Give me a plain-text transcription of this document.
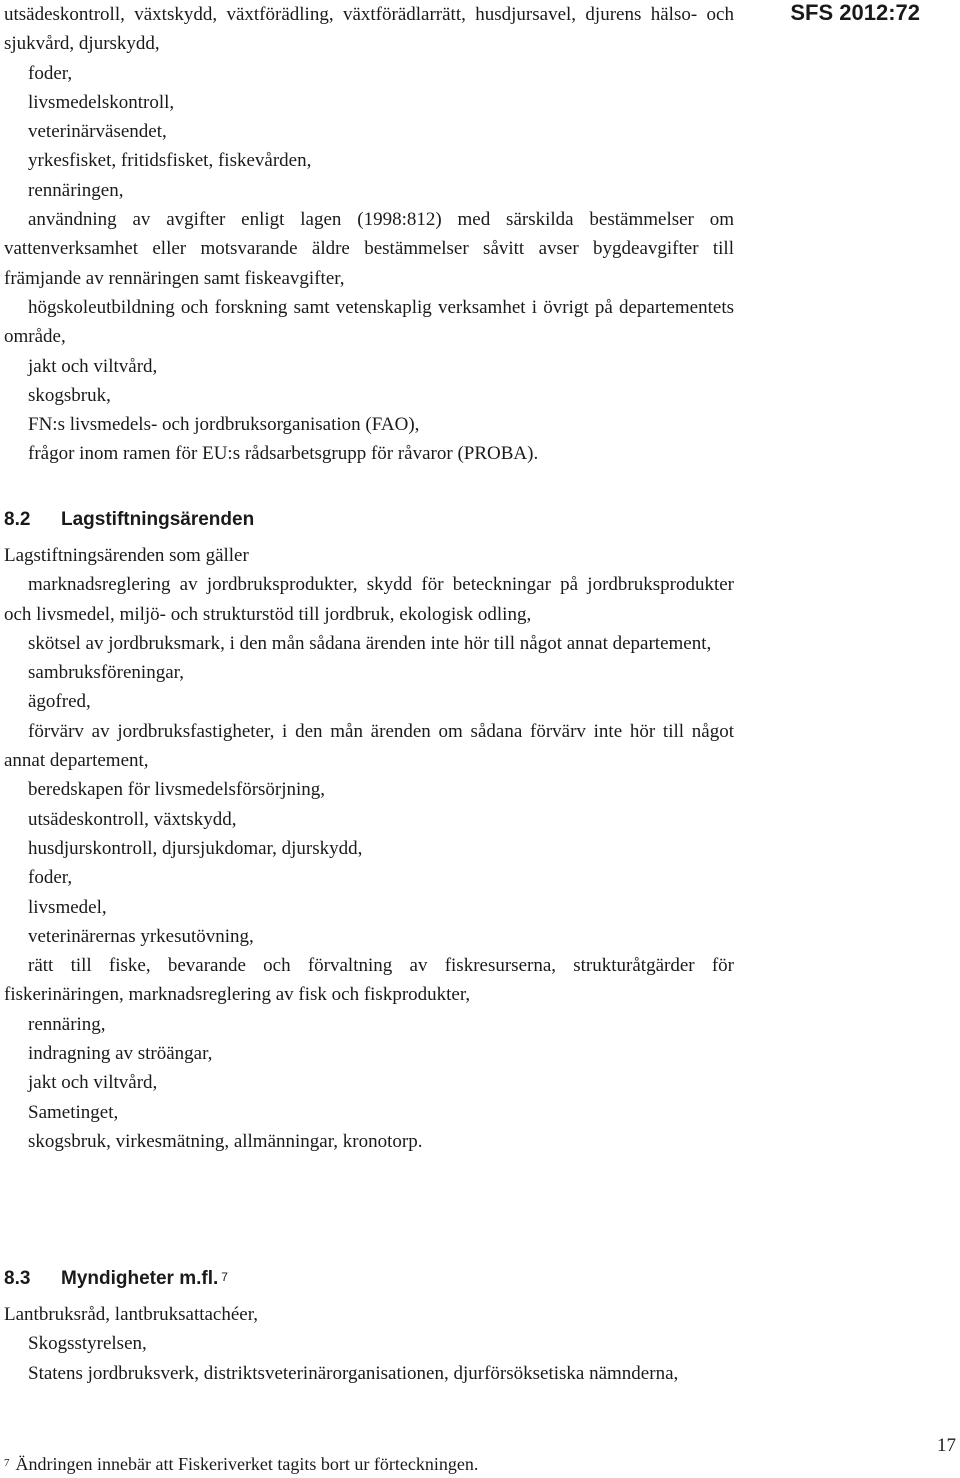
SFS 2012:72

utsädeskontroll, växtskydd, växtförädling, växtförädlarrätt, husdjursavel, djurens hälso- och sjukvård, djurskydd,

foder,

livsmedelskontroll,

veterinärväsendet,

yrkesfisket, fritidsfisket, fiskevården,

rennäringen,

användning av avgifter enligt lagen (1998:812) med särskilda bestämmelser om vattenverksamhet eller motsvarande äldre bestämmelser såvitt avser bygdeavgifter till främjande av rennäringen samt fiskeavgifter,

högskoleutbildning och forskning samt vetenskaplig verksamhet i övrigt på departementets område,

jakt och viltvård,

skogsbruk,

FN:s livsmedels- och jordbruksorganisation (FAO),

frågor inom ramen för EU:s rådsarbetsgrupp för råvaror (PROBA).

8.2	Lagstiftningsärenden

Lagstiftningsärenden som gäller

marknadsreglering av jordbruksprodukter, skydd för beteckningar på jordbruksprodukter och livsmedel, miljö- och strukturstöd till jordbruk, ekologisk odling,

skötsel av jordbruksmark, i den mån sådana ärenden inte hör till något annat departement,

sambruksföreningar,

ägofred,

förvärv av jordbruksfastigheter, i den mån ärenden om sådana förvärv inte hör till något annat departement,

beredskapen för livsmedelsförsörjning,

utsädeskontroll, växtskydd,

husdjurskontroll, djursjukdomar, djurskydd,

foder,

livsmedel,

veterinärernas yrkesutövning,

rätt till fiske, bevarande och förvaltning av fiskresurserna, strukturåtgärder för fiskerinäringen, marknadsreglering av fisk och fiskprodukter,

rennäring,

indragning av ströängar,

jakt och viltvård,

Sametinget,

skogsbruk, virkesmätning, allmänningar, kronotorp.

8.3	Myndigheter m.fl. $^7$

Lantbruksråd, lantbruksattachéer,

Skogsstyrelsen,

Statens jordbruksverk, distriktsveterinärorganisationen, djurförsöksetiska nämnderna,

$^7$ Ändringen innebär att Fiskeriverket tagits bort ur förteckningen.
17
